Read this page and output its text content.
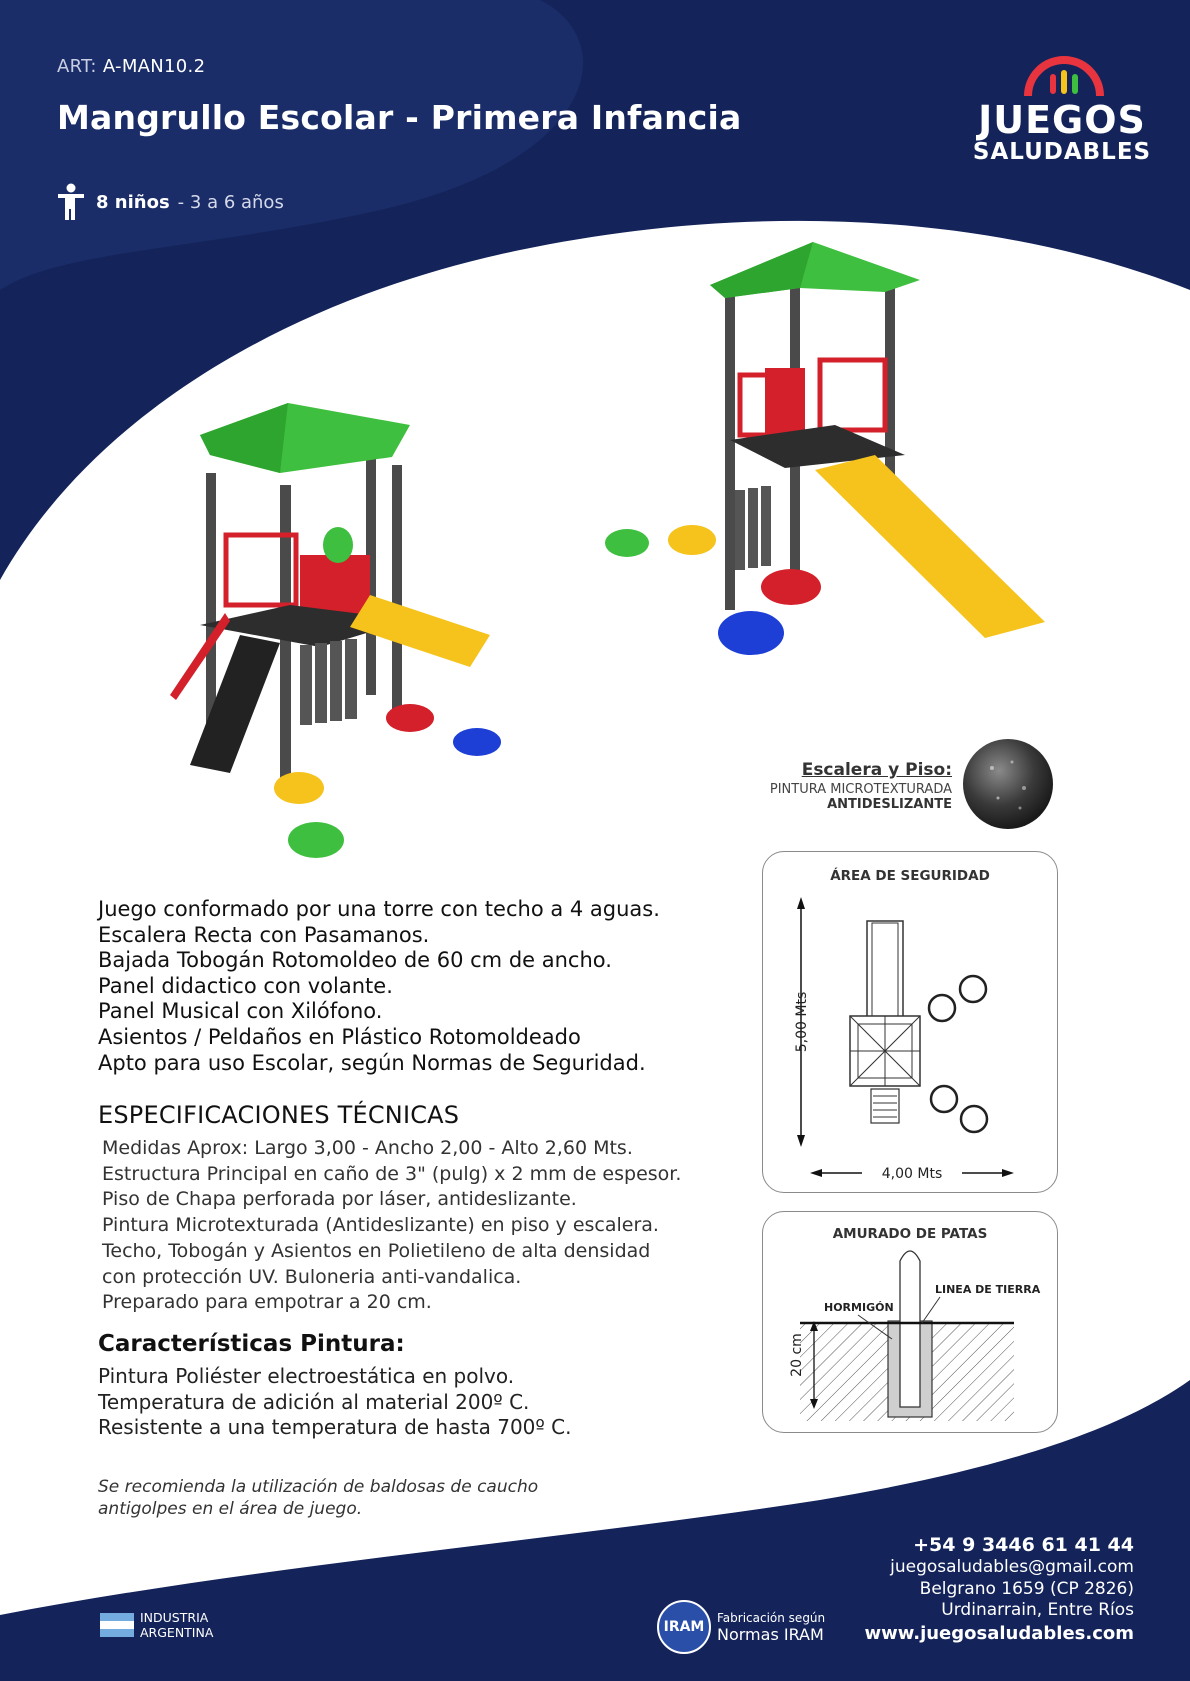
ART: A-MAN10.2
Mangrullo Escolar - Primera Infancia
8 niños - 3 a 6 años
JUEGOS
SALUDABLES
Escalera y Piso:
PINTURA MICROTEXTURADA
ANTIDESLIZANTE
ÁREA DE SEGURIDAD
5,00 Mts
4,00 Mts
AMURADO DE PATAS
HORMIGÓN
LINEA DE TIERRA
20 cm
Juego conformado por una torre con techo a 4 aguas.
Escalera Recta con Pasamanos.
Bajada Tobogán Rotomoldeo de 60 cm de ancho.
Panel didactico con volante.
Panel Musical con Xilófono.
Asientos / Peldaños en Plástico Rotomoldeado
Apto para uso Escolar, según Normas de Seguridad.
ESPECIFICACIONES TÉCNICAS
Medidas Aprox: Largo 3,00 - Ancho 2,00 - Alto 2,60 Mts.
Estructura Principal en caño de 3" (pulg) x 2 mm de espesor.
Piso de Chapa perforada por láser, antideslizante.
Pintura Microtexturada (Antideslizante) en piso y escalera.
Techo, Tobogán y Asientos en Polietileno de alta densidad
con protección UV. Buloneria anti-vandalica.
Preparado para empotrar a 20 cm.
Características Pintura:
Pintura Poliéster electroestática en polvo.
Temperatura de adición al material 200º C.
Resistente a una temperatura de hasta 700º C.
Se recomienda la utilización de baldosas de caucho
antigolpes en el área de juego.
+54 9 3446 61 41 44
juegosaludables@gmail.com
Belgrano 1659 (CP 2826)
Urdinarrain, Entre Ríos
www.juegosaludables.com
INDUSTRIA
ARGENTINA	IRAM
Fabricación según
Normas IRAM
